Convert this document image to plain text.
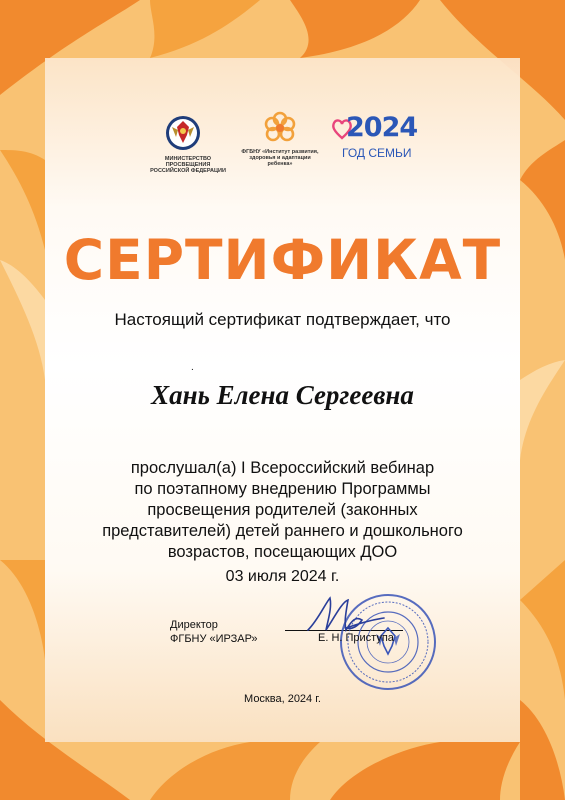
МИНИСТЕРСТВО ПРОСВЕЩЕНИЯ РОССИЙСКОЙ ФЕДЕРАЦИИ
ФГБНУ «Институт развития, здоровья и адаптации ребенка»
2024
ГОД СЕМЬИ
СЕРТИФИКАТ
Настоящий сертификат подтверждает, что
.
Хань Елена Сергеевна
прослушал(а) I Всероссийский вебинар
по поэтапному внедрению Программы
просвещения родителей (законных
представителей) детей раннего и дошкольного
возрастов, посещающих ДОО
03 июля 2024 г.
Директор
ФГБНУ «ИРЗАР»	Е. Н. Приступа
Москва, 2024 г.
